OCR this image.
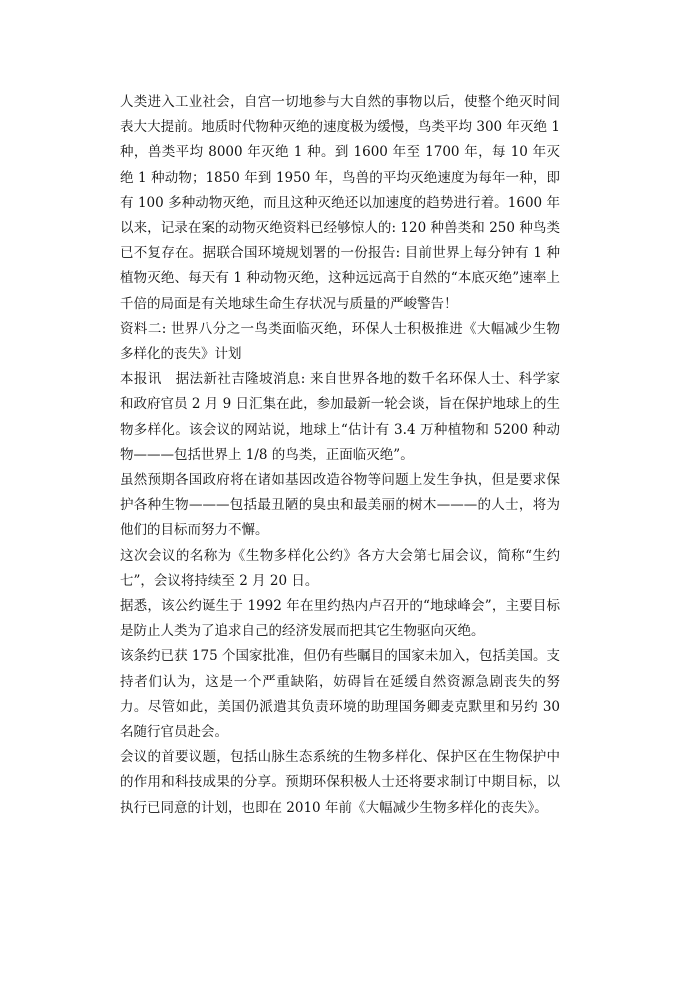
人类进入工业社会，自宫一切地参与大自然的事物以后，使整个绝灭时间表大大提前。地质时代物种灭绝的速度极为缓慢，鸟类平均 300 年灭绝 1 种，兽类平均 8000 年灭绝 1 种。到 1600 年至 1700 年，每 10 年灭绝 1 种动物；1850 年到 1950 年，鸟兽的平均灭绝速度为每年一种，即有 100 多种动物灭绝，而且这种灭绝还以加速度的趋势进行着。1600 年以来，记录在案的动物灭绝资料已经够惊人的: 120 种兽类和 250 种鸟类已不复存在。据联合国环境规划署的一份报告: 目前世界上每分钟有 1 种植物灭绝、每天有 1 种动物灭绝，这种远远高于自然的“本底灭绝”速率上千倍的局面是有关地球生命生存状况与质量的严峻警告！

资料二: 世界八分之一鸟类面临灭绝，环保人士积极推进《大幅减少生物多样化的丧失》计划

本报讯　据法新社吉隆坡消息: 来自世界各地的数千名环保人士、科学家和政府官员 2 月 9 日汇集在此，参加最新一轮会谈，旨在保护地球上的生物多样化。该会议的网站说，地球上“估计有 3.4 万种植物和 5200 种动物———包括世界上 1/8 的鸟类，正面临灭绝”。

虽然预期各国政府将在诸如基因改造谷物等问题上发生争执，但是要求保护各种生物———包括最丑陋的臭虫和最美丽的树木———的人士，将为他们的目标而努力不懈。

这次会议的名称为《生物多样化公约》各方大会第七届会议，简称“生约七”，会议将持续至 2 月 20 日。

据悉，该公约诞生于 1992 年在里约热内卢召开的“地球峰会”，主要目标是防止人类为了追求自己的经济发展而把其它生物驱向灭绝。

该条约已获 175 个国家批准，但仍有些瞩目的国家未加入，包括美国。支持者们认为，这是一个严重缺陷，妨碍旨在延缓自然资源急剧丧失的努力。尽管如此，美国仍派遣其负责环境的助理国务卿麦克默里和另约 30 名随行官员赴会。

会议的首要议题，包括山脉生态系统的生物多样化、保护区在生物保护中的作用和科技成果的分享。预期环保积极人士还将要求制订中期目标，以执行已同意的计划，也即在 2010 年前《大幅减少生物多样化的丧失》。
